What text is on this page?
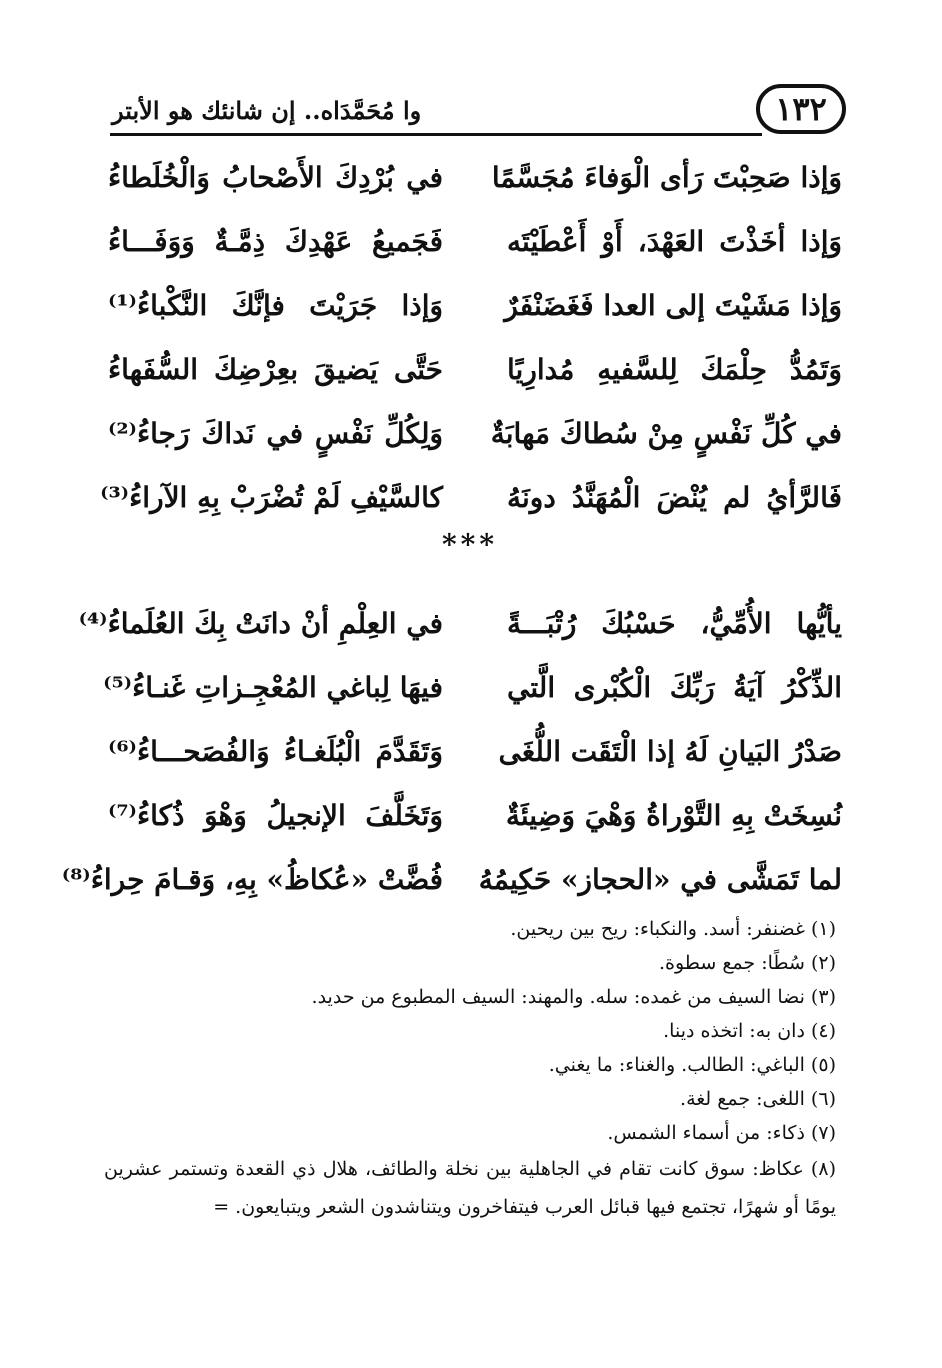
١٣٢
وا مُحَمَّدَاه.. إن شانئك هو الأبتر
وَإذا صَحِبْتَ رَأى الْوَفاءَ مُجَسَّمًا
في بُرْدِكَ الأَصْحابُ وَالْخُلَطاءُ
وَإذا أخَذْتَ العَهْدَ، أَوْ أَعْطَيْتَه
فَجَميعُ عَهْدِكَ ذِمَّـةٌ وَوَفَـــاءُ
وَإذا مَشَيْتَ إلى العدا فَغَضَنْفَرٌ
وَإذا جَرَيْتَ فإنَّكَ النَّكْباءُ⁽¹⁾
وَتَمُدُّ حِلْمَكَ لِلسَّفيهِ مُدارِيًا
حَتَّى يَضيقَ بعِرْضِكَ السُّفَهاءُ
في كُلِّ نَفْسٍ مِنْ سُطاكَ مَهابَةٌ
وَلِكُلِّ نَفْسٍ في نَداكَ رَجاءُ⁽²⁾
فَالرَّأيُ لم يُنْضَ الْمُهَنَّدُ دونَهُ
كالسَّيْفِ لَمْ تُضْرَبْ بِهِ الآراءُ⁽³⁾
***
يأيُّها الأُمِّيُّ، حَسْبُكَ رُتْبَـــةً
في العِلْمِ أنْ دانَتْ بِكَ العُلَماءُ⁽⁴⁾
الذِّكْرُ آيَةُ رَبِّكَ الْكُبْرى الَّتي
فيهَا لِباغي المُعْجِـزاتِ غَنـاءُ⁽⁵⁾
صَدْرُ البَيانِ لَهُ إذا الْتَقَت اللُّغَى
وَتَقَدَّمَ الْبُلَغـاءُ وَالفُصَحـــاءُ⁽⁶⁾
نُسِخَتْ بِهِ التَّوْراةُ وَهْيَ وَضِيئَةٌ
وَتَخَلَّفَ الإنجيلُ وَهْوَ ذُكاءُ⁽⁷⁾
لما تَمَشَّى في «الحجاز» حَكِيمُهُ
فُضَّتْ «عُكاظُ» بِهِ، وَقـامَ حِراءُ⁽⁸⁾
(١) غضنفر: أسد. والنكباء: ريح بين ريحين.
(٢) سُطًا: جمع سطوة.
(٣) نضا السيف من غمده: سله. والمهند: السيف المطبوع من حديد.
(٤) دان به: اتخذه دينا.
(٥) الباغي: الطالب. والغناء: ما يغني.
(٦) اللغى: جمع لغة.
(٧) ذكاء: من أسماء الشمس.
(٨) عكاظ: سوق كانت تقام في الجاهلية بين نخلة والطائف، هلال ذي القعدة وتستمر عشرين يومًا أو شهرًا، تجتمع فيها قبائل العرب فيتفاخرون ويتناشدون الشعر ويتبايعون. =
